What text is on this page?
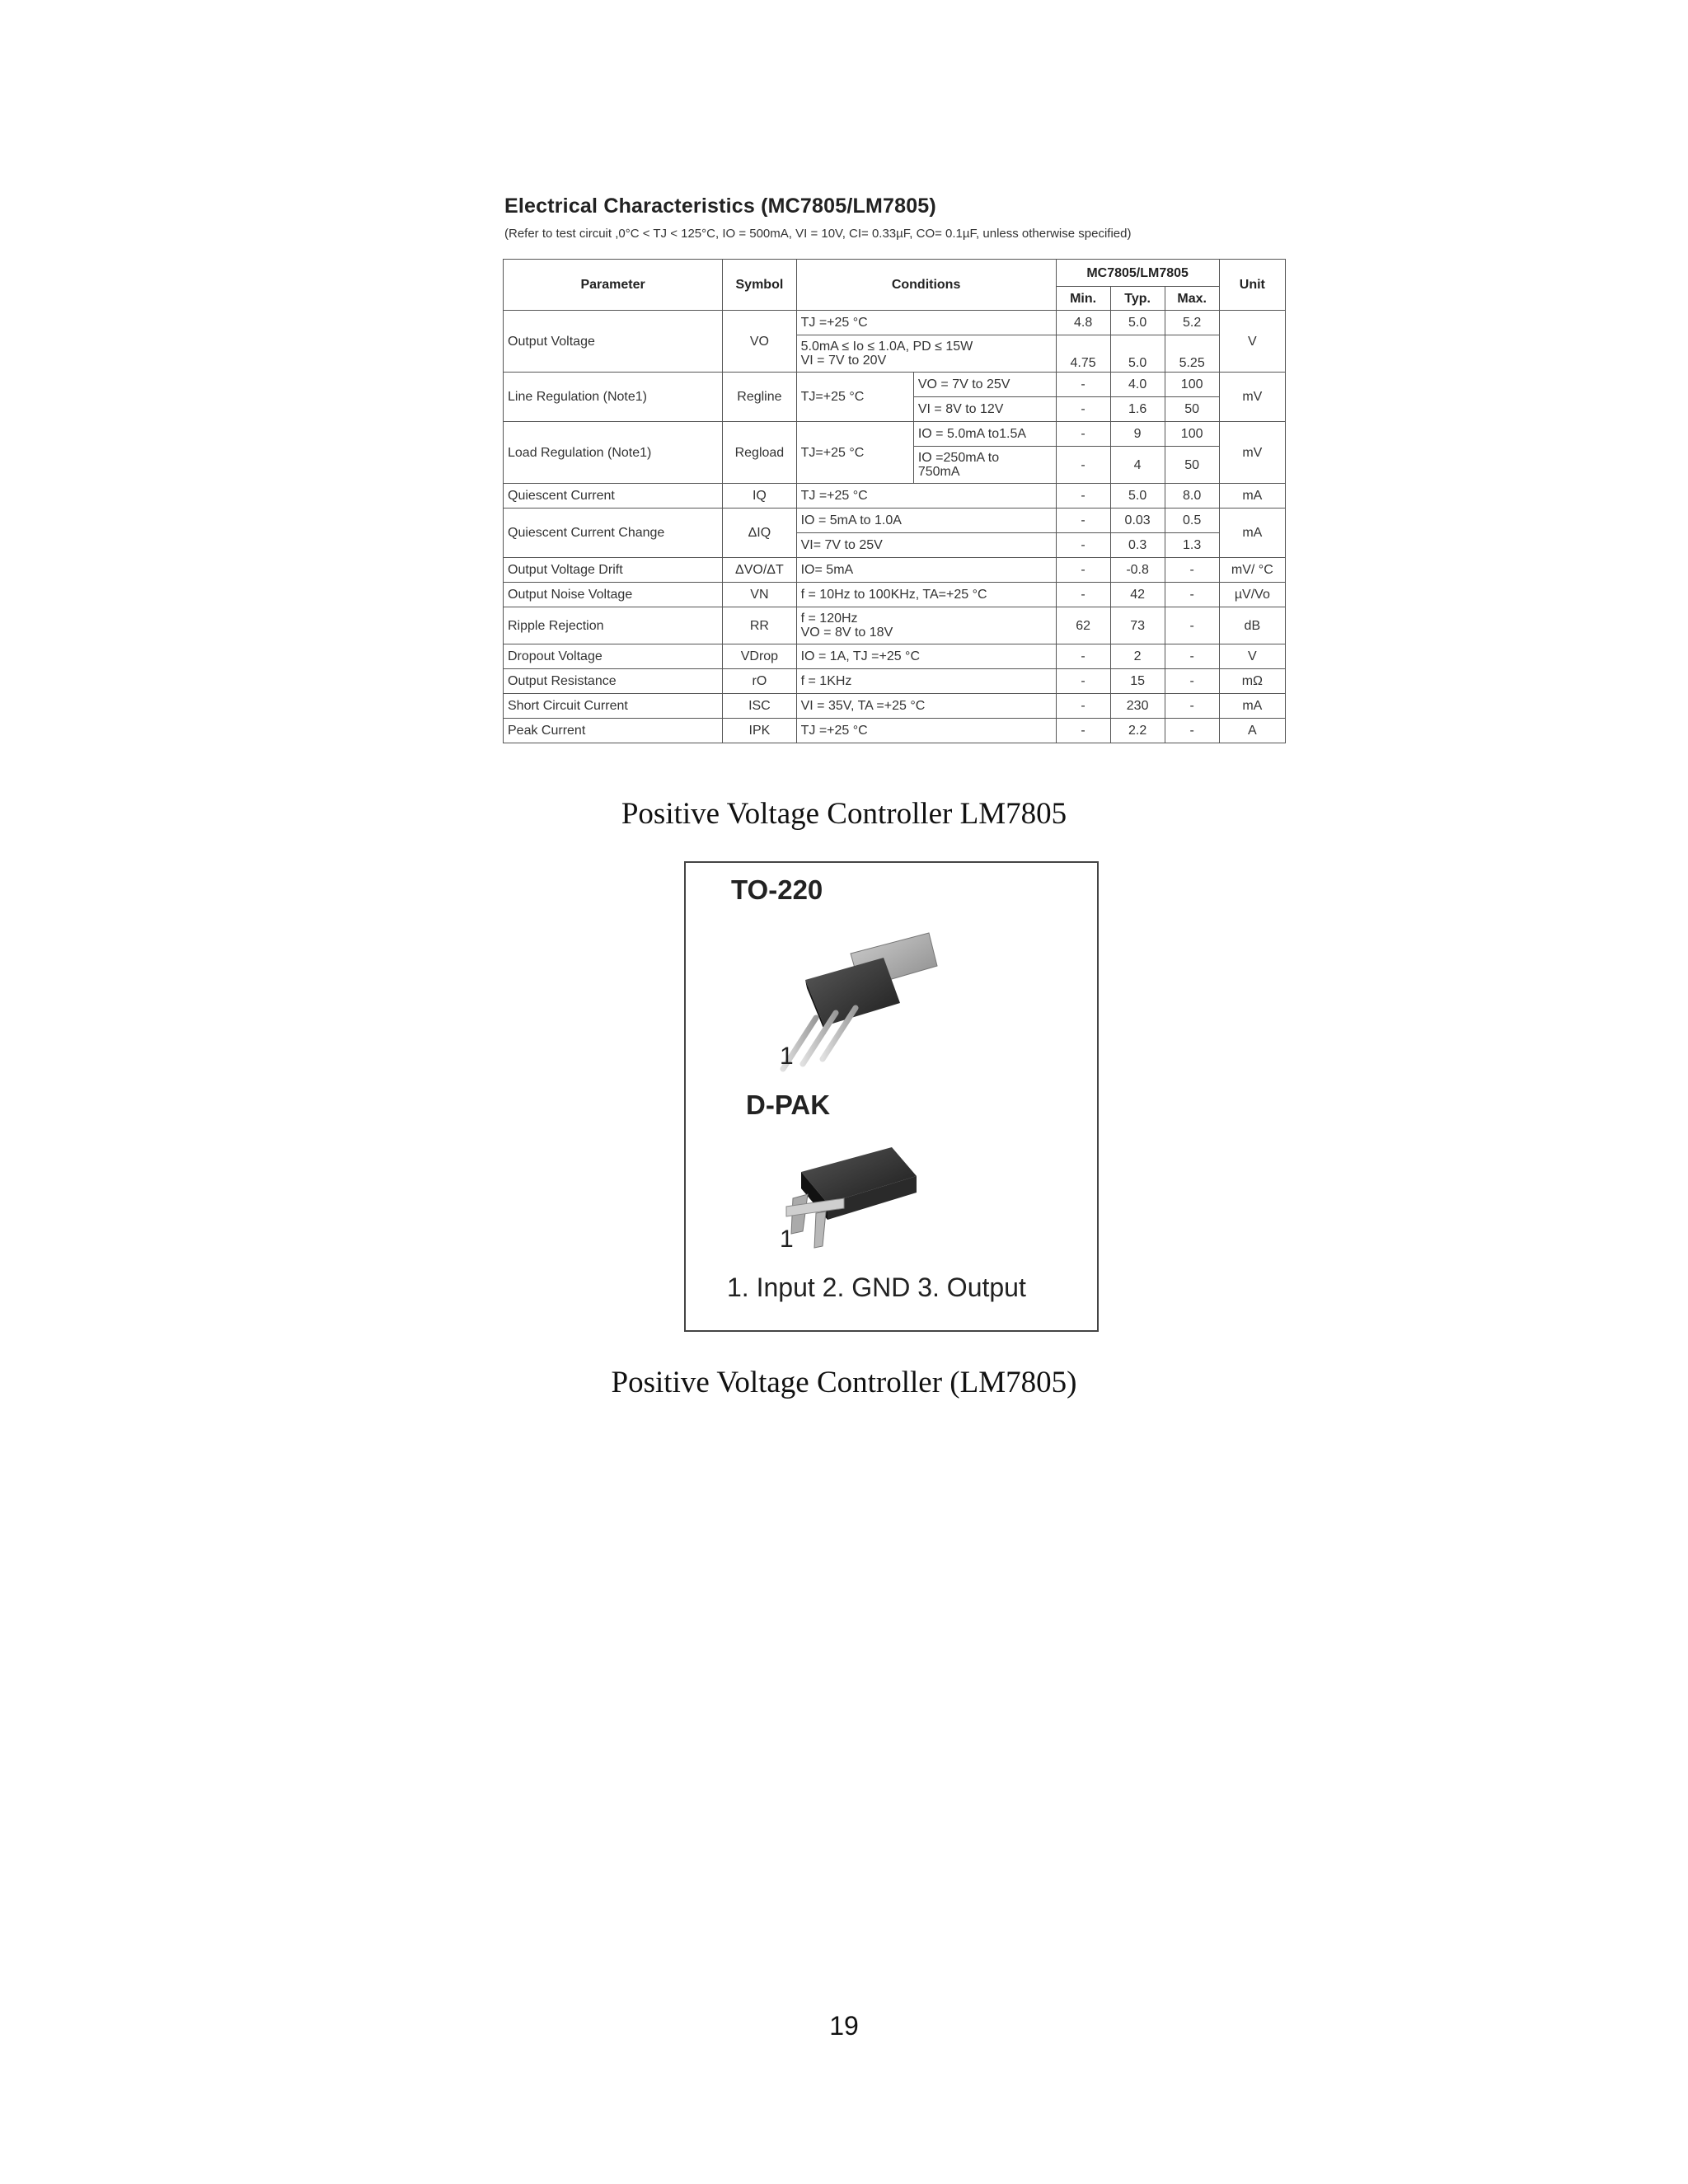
Electrical Characteristics (MC7805/LM7805)
(Refer to test circuit ,0°C < TJ < 125°C, IO = 500mA, VI = 10V, CI= 0.33µF, CO= 0.1µF, unless otherwise specified)
Parameter	Symbol	Conditions		MC7805/LM7805			Unit
				Min.	Typ.	Max.	
Output Voltage	VO	TJ =+25 °C		4.8	5.0	5.2	V
		5.0mA ≤ Io ≤ 1.0A, PD ≤ 15W
VI = 7V to 20V		4.75	5.0	5.25	
Line Regulation (Note1)	Regline	TJ=+25 °C	VO = 7V to 25V	-	4.0	100	mV
			VI = 8V to 12V	-	1.6	50	
Load Regulation (Note1)	Regload	TJ=+25 °C	IO = 5.0mA to1.5A	-	9	100	mV
			IO =250mA to
750mA	-	4	50	
Quiescent Current	IQ	TJ =+25 °C		-	5.0	8.0	mA
Quiescent Current Change	ΔIQ	IO = 5mA to 1.0A		-	0.03	0.5	mA
		VI= 7V to 25V		-	0.3	1.3	
Output Voltage Drift	ΔVO/ΔT	IO= 5mA		-	-0.8	-	mV/ °C
Output Noise Voltage	VN	f = 10Hz to 100KHz, TA=+25 °C		-	42	-	µV/Vo
Ripple Rejection	RR	f = 120Hz
VO = 8V to 18V		62	73	-	dB
Dropout Voltage	VDrop	IO = 1A, TJ =+25 °C		-	2	-	V
Output Resistance	rO	f = 1KHz		-	15	-	mΩ
Short Circuit Current	ISC	VI = 35V, TA =+25 °C		-	230	-	mA
Peak Current	IPK	TJ =+25 °C		-	2.2	-	A
Positive Voltage Controller LM7805
TO-220
1
D-PAK
1
1. Input 2. GND 3. Output
Positive Voltage Controller (LM7805)
19
